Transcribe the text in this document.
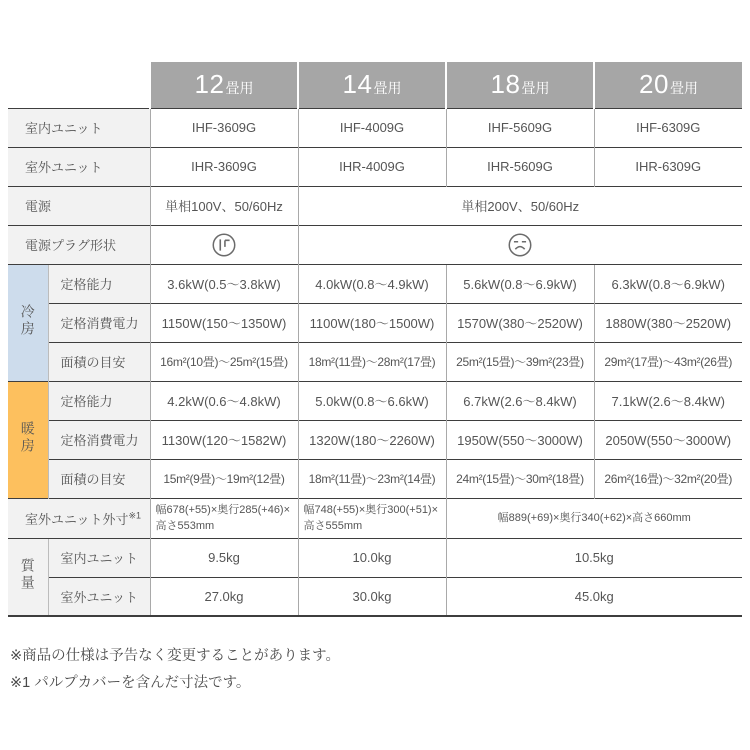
		12畳用	14畳用	18畳用	20畳用
室内ユニット		IHF-3609G	IHF-4009G	IHF-5609G	IHF-6309G
室外ユニット		IHR-3609G	IHR-4009G	IHR-5609G	IHR-6309G
電源		単相100V、50/60Hz	単相200V、50/60Hz		
電源プラグ形状		
冷房	定格能力	3.6kW(0.5〜3.8kW)	4.0kW(0.8〜4.9kW)	5.6kW(0.8〜6.9kW)	6.3kW(0.8〜6.9kW)
	定格消費電力	1150W(150〜1350W)	1100W(180〜1500W)	1570W(380〜2520W)	1880W(380〜2520W)
	面積の目安	16m²(10畳)〜25m²(15畳)	18m²(11畳)〜28m²(17畳)	25m²(15畳)〜39m²(23畳)	29m²(17畳)〜43m²(26畳)
暖房	定格能力	4.2kW(0.6〜4.8kW)	5.0kW(0.8〜6.6kW)	6.7kW(2.6〜8.4kW)	7.1kW(2.6〜8.4kW)
	定格消費電力	1130W(120〜1582W)	1320W(180〜2260W)	1950W(550〜3000W)	2050W(550〜3000W)
	面積の目安	15m²(9畳)〜19m²(12畳)	18m²(11畳)〜23m²(14畳)	24m²(15畳)〜30m²(18畳)	26m²(16畳)〜32m²(20畳)
室外ユニット外寸$^{※1}$		幅678(+55)×奥行285(+46)×高さ553mm	幅748(+55)×奥行300(+51)×高さ555mm	幅889(+69)×奥行340(+62)×高さ660mm	
質量	室内ユニット	9.5kg	10.0kg	10.5kg	
	室外ユニット	27.0kg	30.0kg	45.0kg	

※商品の仕様は予告なく変更することがあります。

※1 パルプカバーを含んだ寸法です。
